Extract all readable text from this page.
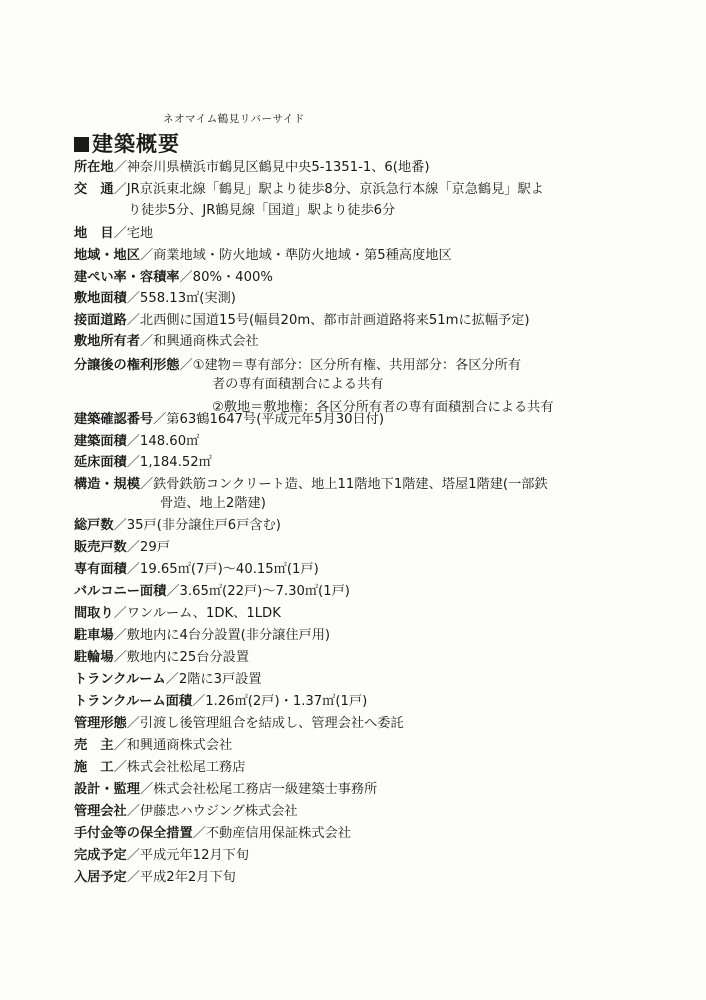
ネオマイム鶴見リバーサイド
建築概要
所在地／神奈川県横浜市鶴見区鶴見中央5-1351-1、6(地番)
交　通／JR京浜東北線「鶴見」駅より徒歩8分、京浜急行本線「京急鶴見」駅よ
り徒歩5分、JR鶴見線「国道」駅より徒歩6分
地　目／宅地
地域・地区／商業地域・防火地域・準防火地域・第5種高度地区
建ぺい率・容積率／80%・400%
敷地面積／558.13㎡(実測)
接面道路／北西側に国道15号(幅員20m、都市計画道路将来51mに拡幅予定)
敷地所有者／和興通商株式会社
分譲後の権利形態／①建物＝専有部分：区分所有権、共用部分：各区分所有
者の専有面積割合による共有
②敷地＝敷地権：各区分所有者の専有面積割合による共有
建築確認番号／第63鶴1647号(平成元年5月30日付)
建築面積／148.60㎡
延床面積／1,184.52㎡
構造・規模／鉄骨鉄筋コンクリート造、地上11階地下1階建、塔屋1階建(一部鉄
骨造、地上2階建)
総戸数／35戸(非分譲住戸6戸含む)
販売戸数／29戸
専有面積／19.65㎡(7戸)～40.15㎡(1戸)
バルコニー面積／3.65㎡(22戸)～7.30㎡(1戸)
間取り／ワンルーム、1DK、1LDK
駐車場／敷地内に4台分設置(非分譲住戸用)
駐輪場／敷地内に25台分設置
トランクルーム／2階に3戸設置
トランクルーム面積／1.26㎡(2戸)・1.37㎡(1戸)
管理形態／引渡し後管理組合を結成し、管理会社へ委託
売　主／和興通商株式会社
施　工／株式会社松尾工務店
設計・監理／株式会社松尾工務店一級建築士事務所
管理会社／伊藤忠ハウジング株式会社
手付金等の保全措置／不動産信用保証株式会社
完成予定／平成元年12月下旬
入居予定／平成2年2月下旬
